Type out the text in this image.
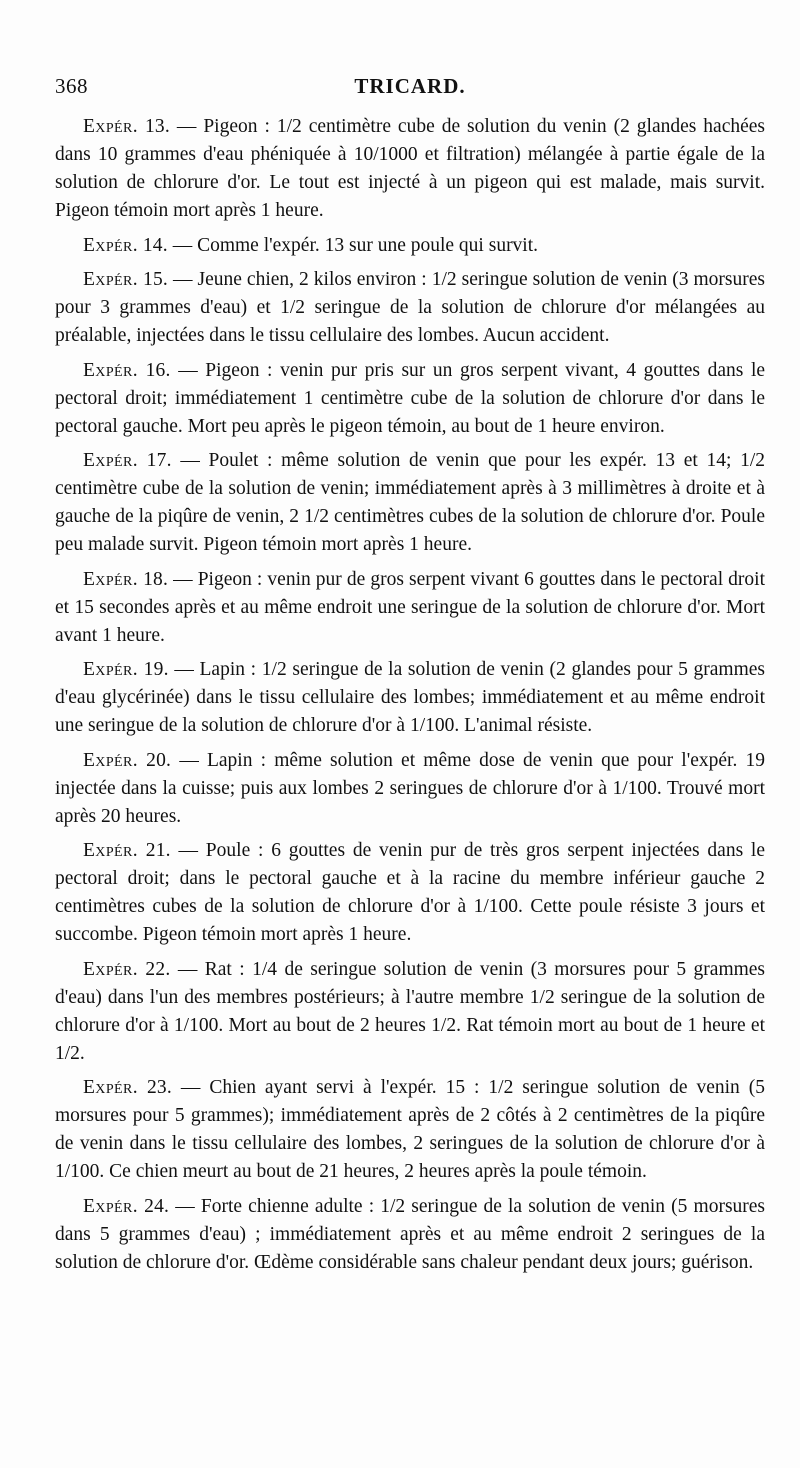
368	TRICARD.

Expér. 13. — Pigeon : 1/2 centimètre cube de solution du venin (2 glandes hachées dans 10 grammes d'eau phéniquée à 10/1000 et filtration) mélangée à partie égale de la solution de chlorure d'or. Le tout est injecté à un pigeon qui est malade, mais survit. Pigeon témoin mort après 1 heure.

Expér. 14. — Comme l'expér. 13 sur une poule qui survit.

Expér. 15. — Jeune chien, 2 kilos environ : 1/2 seringue solution de venin (3 morsures pour 3 grammes d'eau) et 1/2 seringue de la solution de chlorure d'or mélangées au préalable, injectées dans le tissu cellulaire des lombes. Aucun accident.

Expér. 16. — Pigeon : venin pur pris sur un gros serpent vivant, 4 gouttes dans le pectoral droit; immédiatement 1 centimètre cube de la solution de chlorure d'or dans le pectoral gauche. Mort peu après le pigeon témoin, au bout de 1 heure environ.

Expér. 17. — Poulet : même solution de venin que pour les expér. 13 et 14; 1/2 centimètre cube de la solution de venin; immédiatement après à 3 millimètres à droite et à gauche de la piqûre de venin, 2 1/2 centimètres cubes de la solution de chlorure d'or. Poule peu malade survit. Pigeon témoin mort après 1 heure.

Expér. 18. — Pigeon : venin pur de gros serpent vivant 6 gouttes dans le pectoral droit et 15 secondes après et au même endroit une seringue de la solution de chlorure d'or. Mort avant 1 heure.

Expér. 19. — Lapin : 1/2 seringue de la solution de venin (2 glandes pour 5 grammes d'eau glycérinée) dans le tissu cellulaire des lombes; immédiatement et au même endroit une seringue de la solution de chlorure d'or à 1/100. L'animal résiste.

Expér. 20. — Lapin : même solution et même dose de venin que pour l'expér. 19 injectée dans la cuisse; puis aux lombes 2 seringues de chlorure d'or à 1/100. Trouvé mort après 20 heures.

Expér. 21. — Poule : 6 gouttes de venin pur de très gros serpent injectées dans le pectoral droit; dans le pectoral gauche et à la racine du membre inférieur gauche 2 centimètres cubes de la solution de chlorure d'or à 1/100. Cette poule résiste 3 jours et succombe. Pigeon témoin mort après 1 heure.

Expér. 22. — Rat : 1/4 de seringue solution de venin (3 morsures pour 5 grammes d'eau) dans l'un des membres postérieurs; à l'autre membre 1/2 seringue de la solution de chlorure d'or à 1/100. Mort au bout de 2 heures 1/2. Rat témoin mort au bout de 1 heure et 1/2.

Expér. 23. — Chien ayant servi à l'expér. 15 : 1/2 seringue solution de venin (5 morsures pour 5 grammes); immédiatement après de 2 côtés à 2 centimètres de la piqûre de venin dans le tissu cellulaire des lombes, 2 seringues de la solution de chlorure d'or à 1/100. Ce chien meurt au bout de 21 heures, 2 heures après la poule témoin.

Expér. 24. — Forte chienne adulte : 1/2 seringue de la solution de venin (5 morsures dans 5 grammes d'eau) ; immédiatement après et au même endroit 2 seringues de la solution de chlorure d'or. Œdème considérable sans chaleur pendant deux jours; guérison.
